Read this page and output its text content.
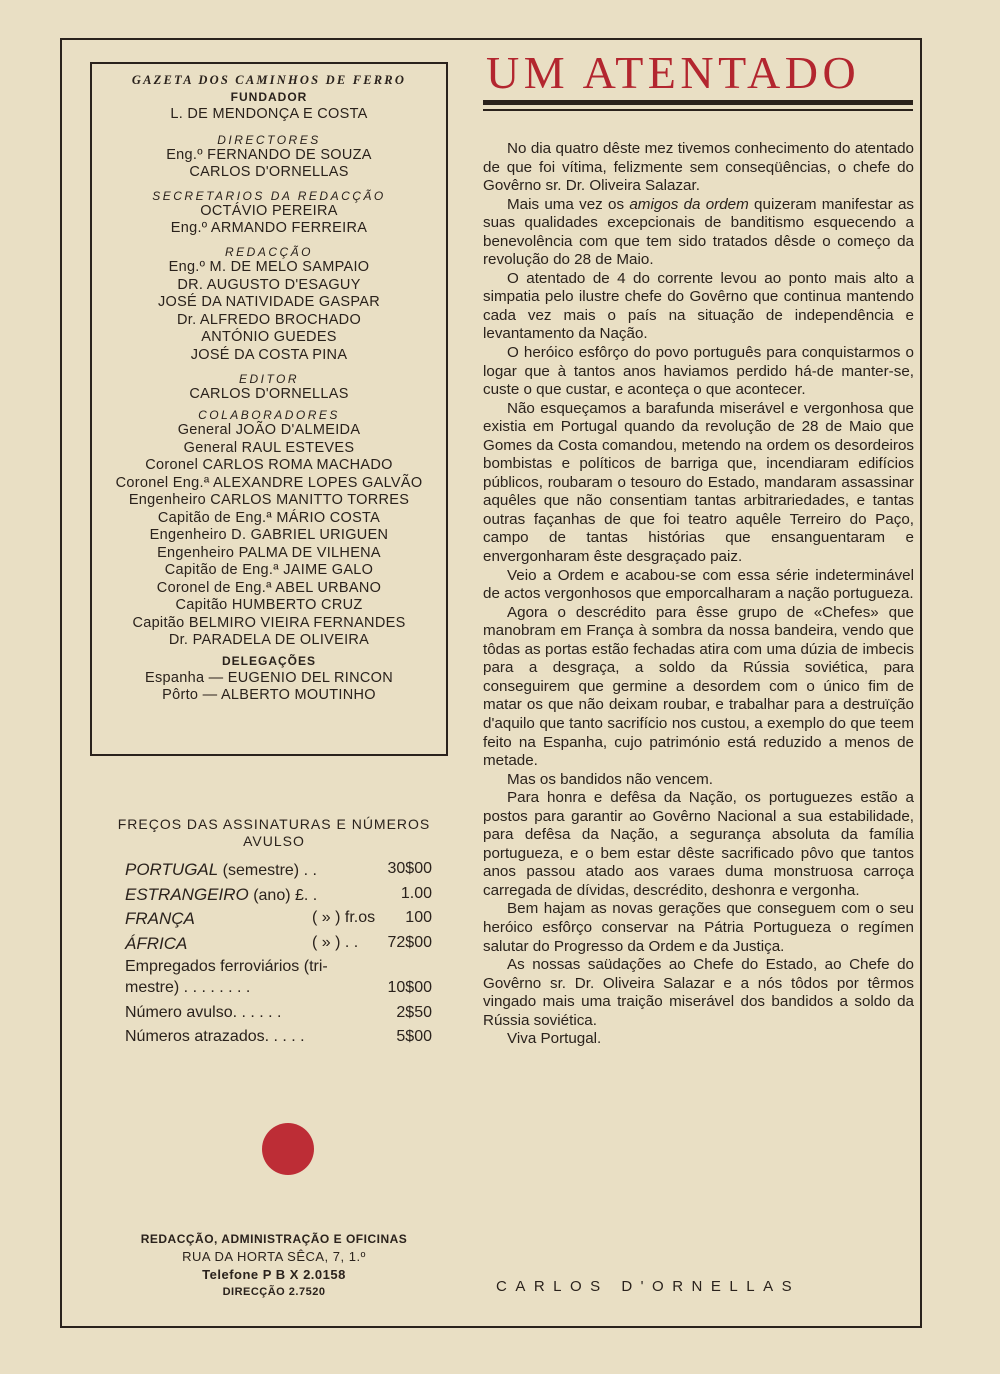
GAZETA DOS CAMINHOS DE FERRO
FUNDADOR
L. DE MENDONÇA E COSTA
DIRECTORES
Eng.º FERNANDO DE SOUZA
CARLOS D'ORNELLAS
SECRETARIOS DA REDACÇÃO
OCTÁVIO PEREIRA
Eng.º ARMANDO FERREIRA
REDACÇÃO
Eng.º M. DE MELO SAMPAIO
DR. AUGUSTO D'ESAGUY
JOSÉ DA NATIVIDADE GASPAR
Dr. ALFREDO BROCHADO
ANTÓNIO GUEDES
JOSÉ DA COSTA PINA
EDITOR
CARLOS D'ORNELLAS
COLABORADORES
General JOÃO D'ALMEIDA
General RAUL ESTEVES
Coronel CARLOS ROMA MACHADO
Coronel Eng.ª ALEXANDRE LOPES GALVÃO
Engenheiro CARLOS MANITTO TORRES
Capitão de Eng.ª MÁRIO COSTA
Engenheiro D. GABRIEL URIGUEN
Engenheiro PALMA DE VILHENA
Capitão de Eng.ª JAIME GALO
Coronel de Eng.ª ABEL URBANO
Capitão HUMBERTO CRUZ
Capitão BELMIRO VIEIRA FERNANDES
Dr. PARADELA DE OLIVEIRA
DELEGAÇÕES
Espanha — EUGENIO DEL RINCON
Pôrto — ALBERTO MOUTINHO
FREÇOS DAS ASSINATURAS E NÚMEROS
AVULSO
PORTUGAL (semestre) . .	30$00
ESTRANGEIRO (ano) £. .	1.00
FRANÇA	( » ) fr.os 100
ÁFRICA	( » ) . . 72$00
Empregados ferroviários (tri-
mestre) . . . . . . . .	10$00
Número avulso. . . . . .	2$50
Números atrazados. . . . .	5$00
REDACÇÃO, ADMINISTRAÇÃO E OFICINAS
RUA DA HORTA SÊCA, 7, 1.º
Telefone P B X 2.0158
DIRECÇÃO 2.7520
UM ATENTADO

No dia quatro dêste mez tivemos conhecimento do atentado de que foi vítima, felizmente sem conseqüências, o chefe do Govêrno sr. Dr. Oliveira Salazar.

Mais uma vez os amigos da ordem quizeram manifestar as suas qualidades excepcionais de banditismo esquecendo a benevolência com que tem sido tratados dêsde o começo da revolução do 28 de Maio.

O atentado de 4 do corrente levou ao ponto mais alto a simpatia pelo ilustre chefe do Govêrno que continua mantendo cada vez mais o país na situação de independência e levantamento da Nação.

O heróico esfôrço do povo português para conquistarmos o logar que à tantos anos haviamos perdido há-de manter-se, custe o que custar, e aconteça o que acontecer.

Não esqueçamos a barafunda miserável e vergonhosa que existia em Portugal quando da revolução de 28 de Maio que Gomes da Costa comandou, metendo na ordem os desordeiros bombistas e políticos de barriga que, incendiaram edifícios públicos, roubaram o tesouro do Estado, mandaram assassinar aquêles que não consentiam tantas arbitrariedades, e tantas outras façanhas de que foi teatro aquêle Terreiro do Paço, campo de tantas histórias que ensanguentaram e envergonharam êste desgraçado paiz.

Veio a Ordem e acabou-se com essa série indeterminável de actos vergonhosos que emporcalharam a nação portugueza.

Agora o descrédito para êsse grupo de «Chefes» que manobram em França à sombra da nossa bandeira, vendo que tôdas as portas estão fechadas atira com uma dúzia de imbecis para a desgraça, a soldo da Rússia soviética, para conseguirem que germine a desordem com o único fim de matar os que não deixam roubar, e trabalhar para a destruïção d'aquilo que tanto sacrifício nos custou, a exemplo do que teem feito na Espanha, cujo património está reduzido a menos de metade.

Mas os bandidos não vencem.

Para honra e defêsa da Nação, os portuguezes estão a postos para garantir ao Govêrno Nacional a sua estabilidade, para defêsa da Nação, a segurança absoluta da família portugueza, e o bem estar dêste sacrificado pôvo que tantos anos passou atado aos varaes duma monstruosa carroça carregada de dívidas, descrédito, deshonra e vergonha.

Bem hajam as novas gerações que conseguem com o seu heróico esfôrço conservar na Pátria Portugueza o regímen salutar do Progresso da Ordem e da Justiça.

As nossas saüdações ao Chefe do Estado, ao Chefe do Govêrno sr. Dr. Oliveira Salazar e a nós tôdos por têrmos vingado mais uma traição miserável dos bandidos a soldo da Rússia soviética.

Viva Portugal.

CARLOS D'ORNELLAS
